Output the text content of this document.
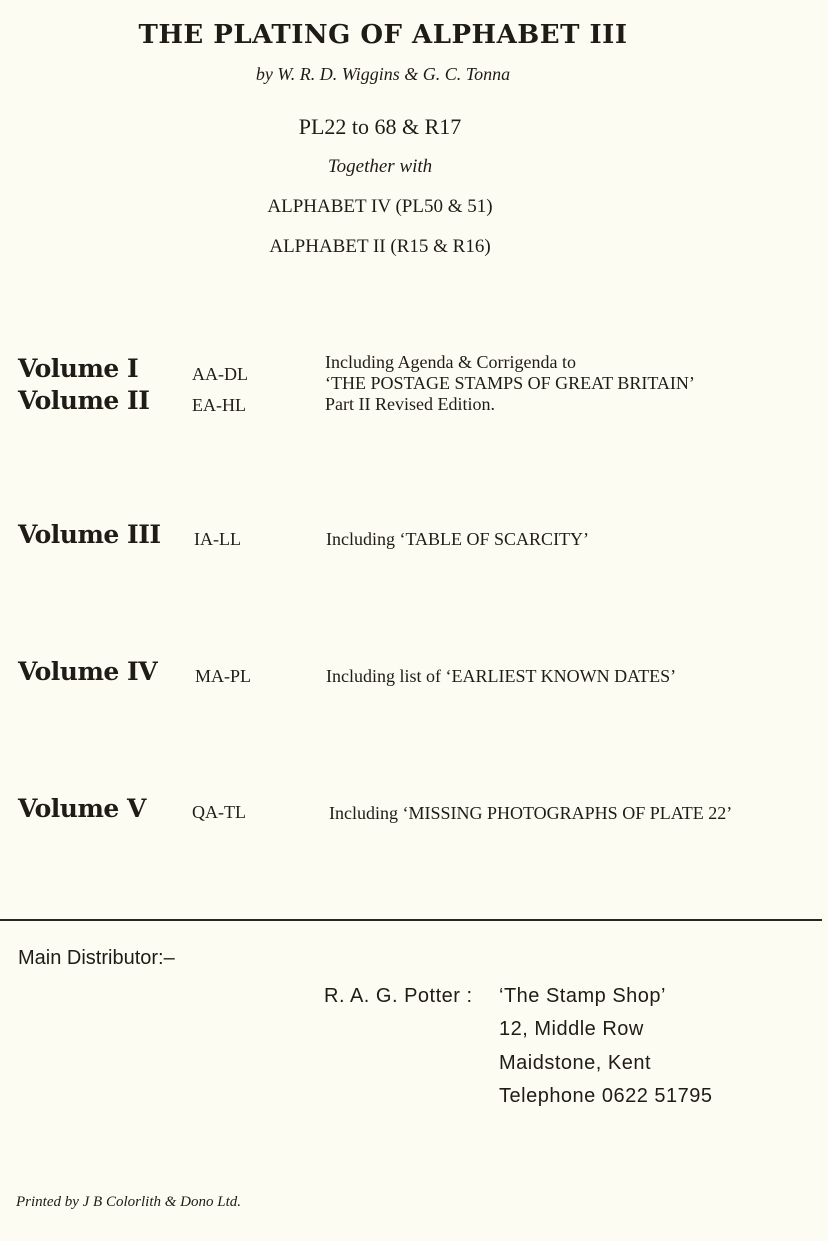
THE PLATING OF ALPHABET III
by W. R. D. Wiggins & G. C. Tonna
PL22 to 68 & R17
Together with
ALPHABET IV (PL50 & 51)
ALPHABET II (R15 & R16)
Volume I	AA-DL
Volume II EA-HL
Including Agenda & Corrigenda to
‘THE POSTAGE STAMPS OF GREAT BRITAIN’
Part II Revised Edition.
Volume III IA-LL	Including ‘TABLE OF SCARCITY’
Volume IV MA-PL	Including list of ‘EARLIEST KNOWN DATES’
Volume V	QA-TL	Including ‘MISSING PHOTOGRAPHS OF PLATE 22’
Main Distributor:–
R. A. G. Potter : ‘The Stamp Shop’
12, Middle Row
Maidstone, Kent
Telephone 0622 51795
Printed by J B Colorlith & Dono Ltd.
